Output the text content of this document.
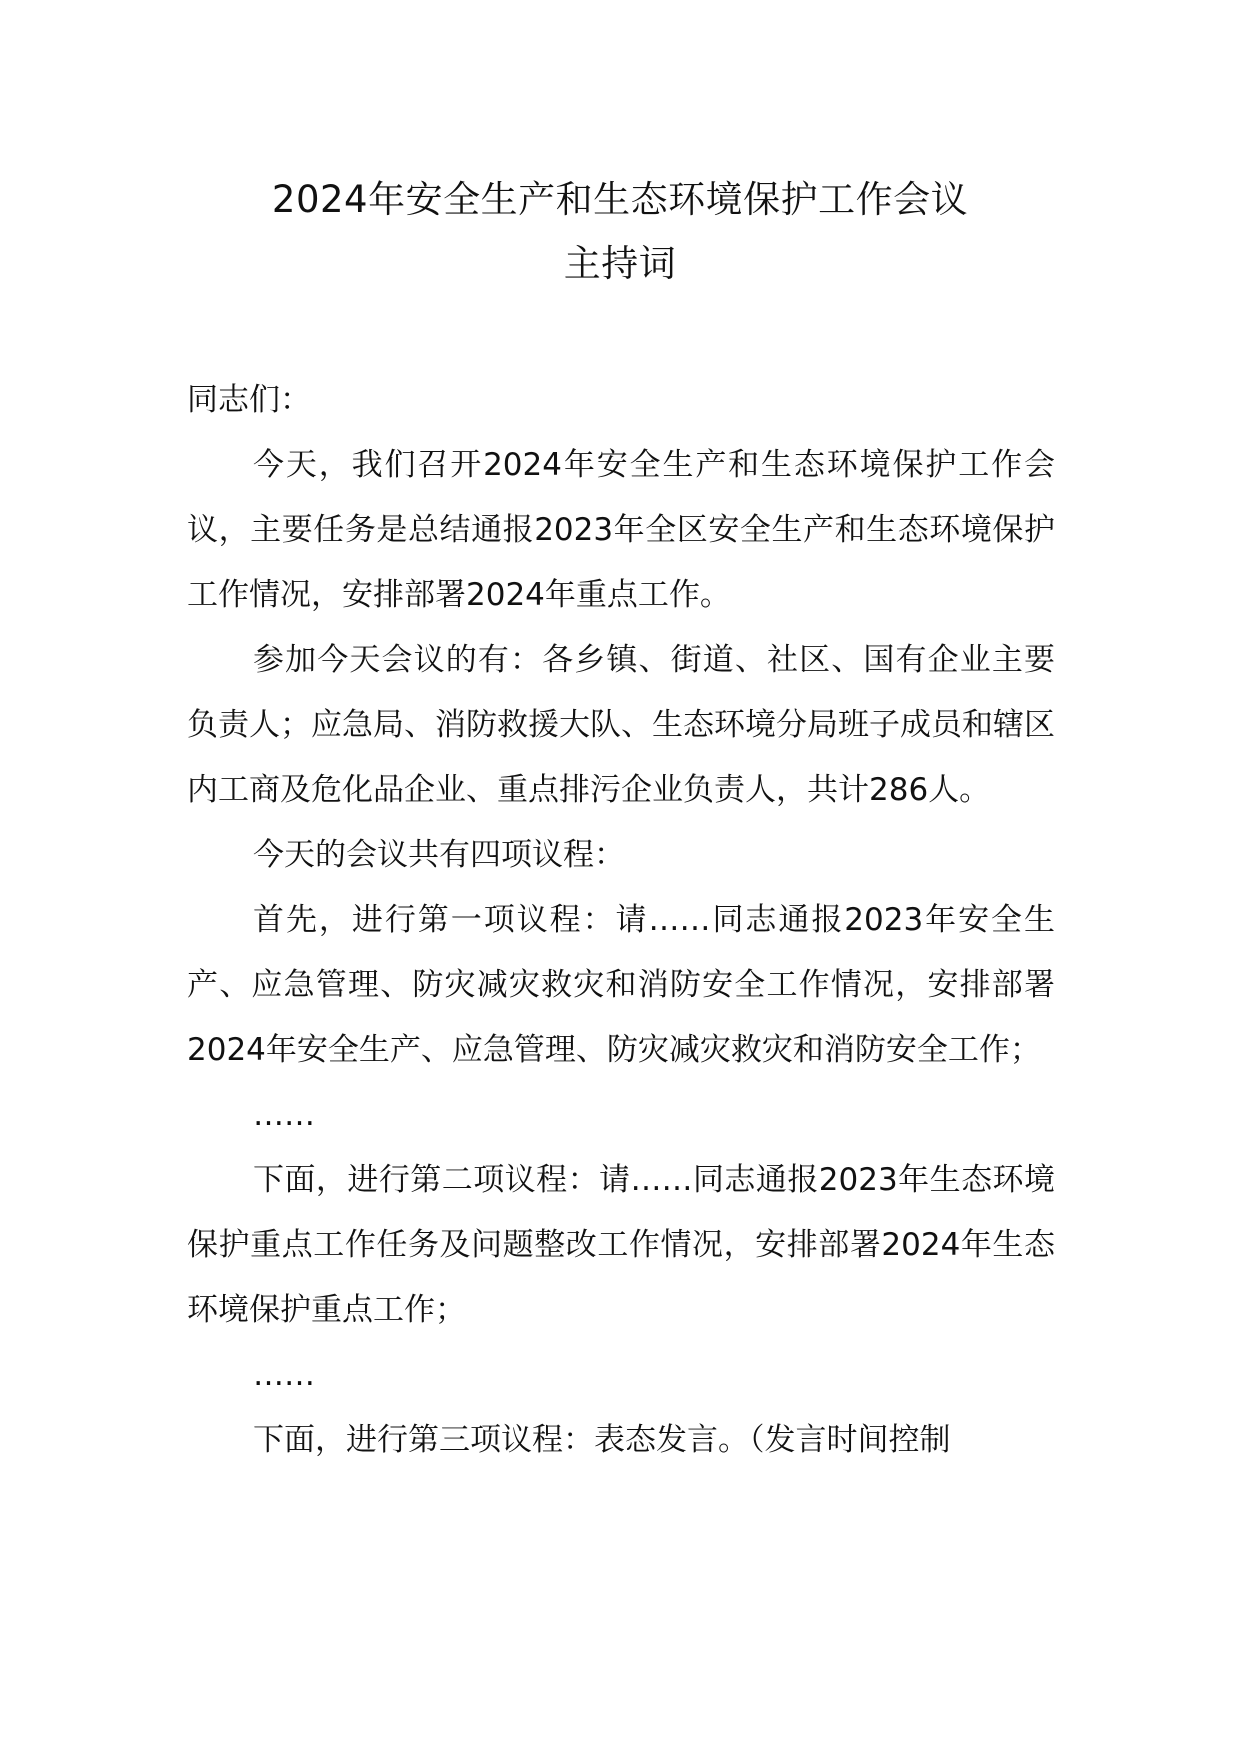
2024年安全生产和生态环境保护工作会议
主持词

同志们：

今天，我们召开2024年安全生产和生态环境保护工作会议，主要任务是总结通报2023年全区安全生产和生态环境保护工作情况，安排部署2024年重点工作。

参加今天会议的有：各乡镇、街道、社区、国有企业主要负责人；应急局、消防救援大队、生态环境分局班子成员和辖区内工商及危化品企业、重点排污企业负责人，共计286人。

今天的会议共有四项议程：

首先，进行第一项议程：请……同志通报2023年安全生产、应急管理、防灾减灾救灾和消防安全工作情况，安排部署2024年安全生产、应急管理、防灾减灾救灾和消防安全工作；

……

下面，进行第二项议程：请……同志通报2023年生态环境保护重点工作任务及问题整改工作情况，安排部署2024年生态环境保护重点工作；

……

下面，进行第三项议程：表态发言。（发言时间控制
